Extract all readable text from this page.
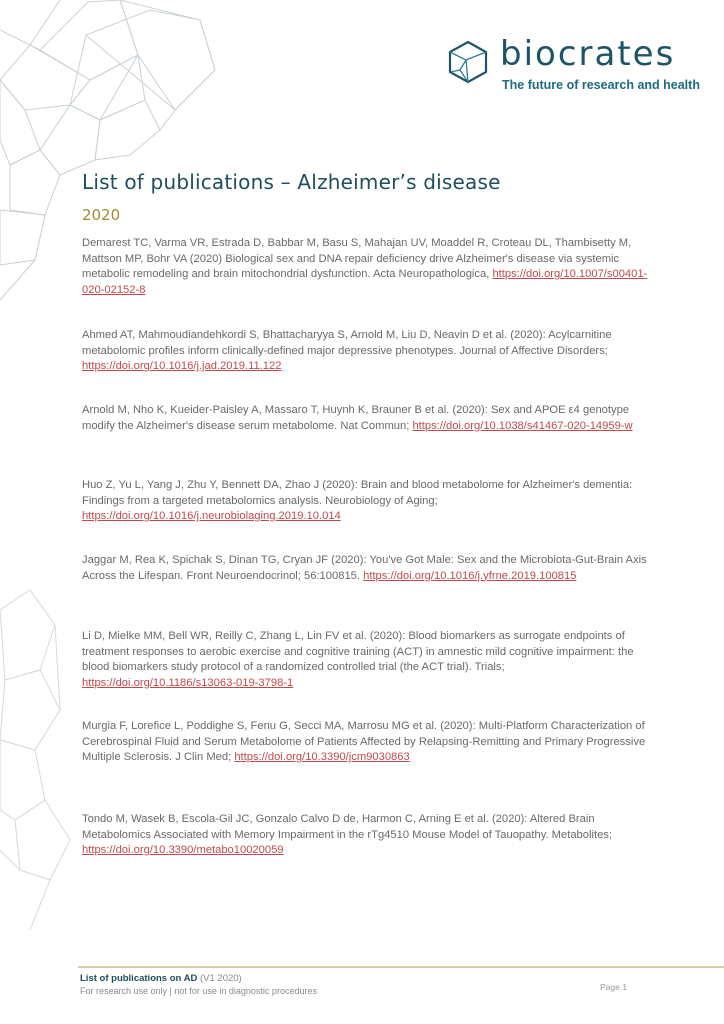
biocrates
The future of research and health
List of publications – Alzheimer’s disease
2020

Demarest TC, Varma VR, Estrada D, Babbar M, Basu S, Mahajan UV, Moaddel R, Croteau DL, Thambisetty M, Mattson MP, Bohr VA (2020) Biological sex and DNA repair deficiency drive Alzheimer's disease via systemic metabolic remodeling and brain mitochondrial dysfunction. Acta Neuropathologica, https://doi.org/10.1007/s00401-020-02152-8

Ahmed AT, Mahmoudiandehkordi S, Bhattacharyya S, Arnold M, Liu D, Neavin D et al. (2020): Acylcarnitine metabolomic profiles inform clinically-defined major depressive phenotypes. Journal of Affective Disorders; https://doi.org/10.1016/j.jad.2019.11.122

Arnold M, Nho K, Kueider-Paisley A, Massaro T, Huynh K, Brauner B et al. (2020): Sex and APOE ε4 genotype modify the Alzheimer's disease serum metabolome. Nat Commun; https://doi.org/10.1038/s41467-020-14959-w

Huo Z, Yu L, Yang J, Zhu Y, Bennett DA, Zhao J (2020): Brain and blood metabolome for Alzheimer's dementia: Findings from a targeted metabolomics analysis. Neurobiology of Aging; https://doi.org/10.1016/j.neurobiolaging.2019.10.014

Jaggar M, Rea K, Spichak S, Dinan TG, Cryan JF (2020): You've Got Male: Sex and the Microbiota-Gut-Brain Axis Across the Lifespan. Front Neuroendocrinol; 56:100815. https://doi.org/10.1016/j.yfrne.2019.100815

Li D, Mielke MM, Bell WR, Reilly C, Zhang L, Lin FV et al. (2020): Blood biomarkers as surrogate endpoints of treatment responses to aerobic exercise and cognitive training (ACT) in amnestic mild cognitive impairment: the blood biomarkers study protocol of a randomized controlled trial (the ACT trial). Trials; https://doi.org/10.1186/s13063-019-3798-1

Murgia F, Lorefice L, Poddighe S, Fenu G, Secci MA, Marrosu MG et al. (2020): Multi-Platform Characterization of Cerebrospinal Fluid and Serum Metabolome of Patients Affected by Relapsing-Remitting and Primary Progressive Multiple Sclerosis. J Clin Med; https://doi.org/10.3390/jcm9030863

Tondo M, Wasek B, Escola-Gil JC, Gonzalo Calvo D de, Harmon C, Arning E et al. (2020): Altered Brain Metabolomics Associated with Memory Impairment in the rTg4510 Mouse Model of Tauopathy. Metabolites; https://doi.org/10.3390/metabo10020059

List of publications on AD (V1 2020)
For research use only | not for use in diagnostic procedures	Page 1
